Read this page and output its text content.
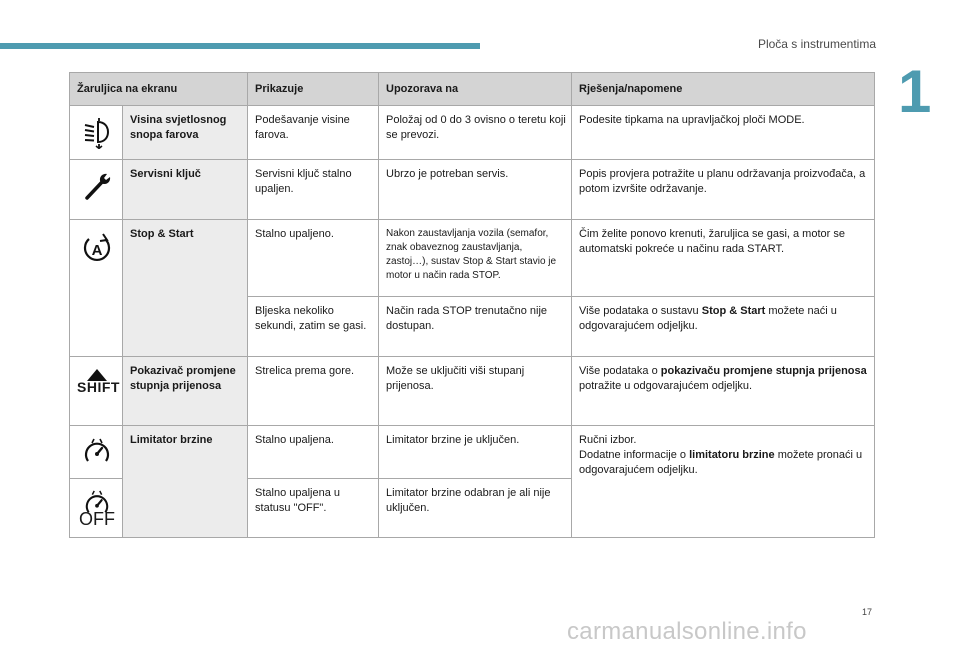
Ploča s instrumentima
1
Žaruljica na ekranu		Prikazuje	Upozorava na	Rješenja/napomene

	Visina svjetlosnog snopa farova	Podešavanje visine farova.	Položaj od 0 do 3 ovisno o teretu koji se prevozi.	Podesite tipkama na upravljačkoj ploči MODE.

	Servisni ključ	Servisni ključ stalno upaljen.	Ubrzo je potreban servis.	Popis provjera potražite u planu održavanja proizvođača, a potom izvršite održavanje.

A	Stop & Start	Stalno upaljeno.	Nakon zaustavljanja vozila (semafor, znak obaveznog zaustavljanja, zastoj…), sustav Stop & Start stavio je motor u način rada STOP.	Čim želite ponovo krenuti, žaruljica se gasi, a motor se automatski pokreće u načinu rada START.
		Bljeska nekoliko sekundi, zatim se gasi.	Način rada STOP trenutačno nije dostupan.	Više podataka o sustavu Stop & Start možete naći u odgovarajućem odjeljku.

SHIFT	Pokazivač promjene stupnja prijenosa	Strelica prema gore.	Može se uključiti viši stupanj prijenosa.	Više podataka o pokazivaču promjene stupnja prijenosa potražite u odgovarajućem odjeljku.

	Limitator brzine	Stalno upaljena.	Limitator brzine je uključen.	Ručni izbor.
Dodatne informacije o limitatoru brzine možete pronaći u odgovarajućem odjeljku.

OFF		Stalno upaljena u statusu "OFF".	Limitator brzine odabran je ali nije uključen.	
17
carmanualsonline.info
